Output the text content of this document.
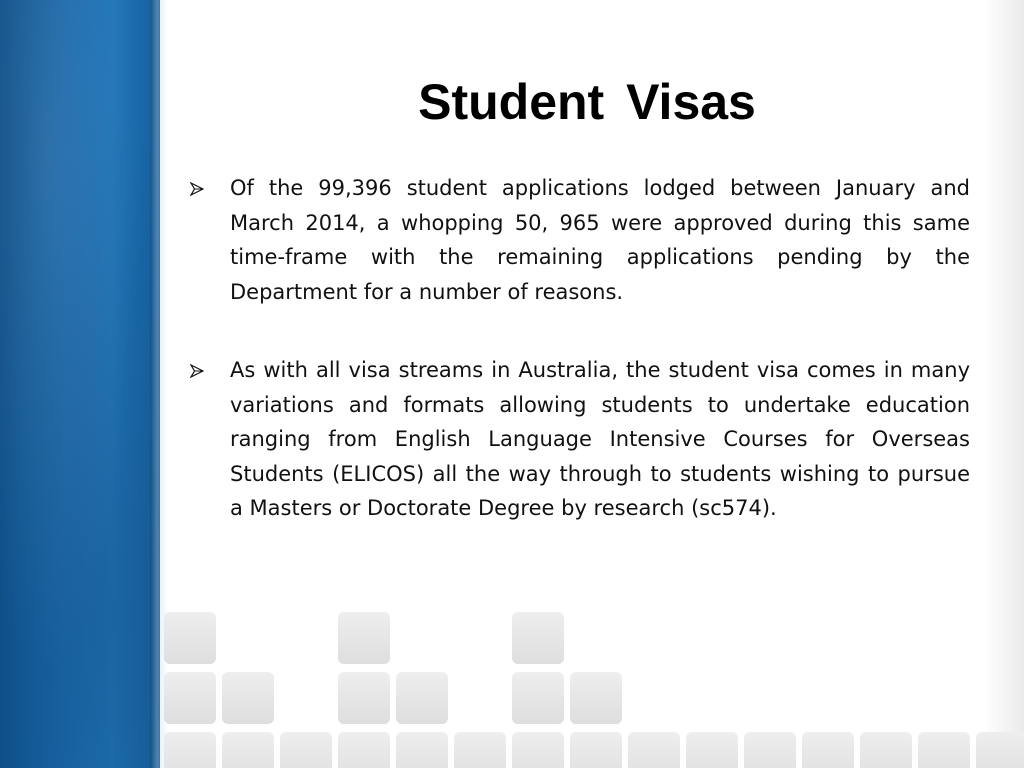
Student Visas
Of the 99,396 student applications lodged between January and March 2014, a whopping 50, 965 were approved during this same time-frame with the remaining applications pending by the Department for a number of reasons.
As with all visa streams in Australia, the student visa comes in many variations and formats allowing students to undertake education ranging from English Language Intensive Courses for Overseas Students (ELICOS) all the way through to students wishing to pursue a Masters or Doctorate Degree by research (sc574).
